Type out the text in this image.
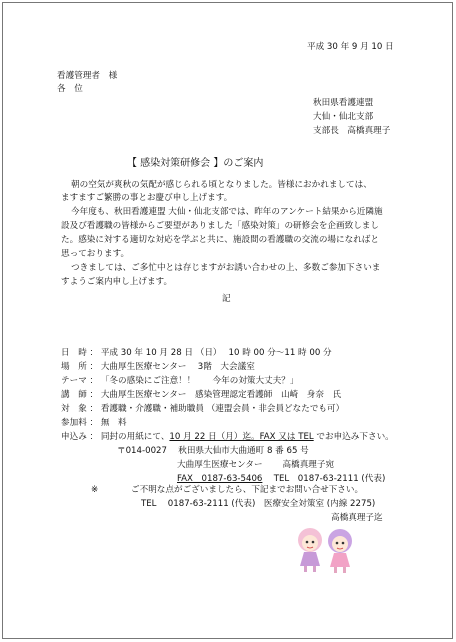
平成 30 年 9 月 10 日
看護管理者　様
各　位
秋田県看護連盟
大仙・仙北支部
支部長　高橋真理子
【 感染対策研修会 】のご案内
朝の空気が爽秋の気配が感じられる頃となりました。皆様におかれましては、
ますますご繁勝の事とお慶び申し上げます。
今年度も、秋田看護連盟 大仙・仙北支部では、昨年のアンケート結果から近隣施
設及び看護職の皆様からご要望がありました「感染対策」の研修会を企画致しまし
た。感染に対する適切な対応を学ぶと共に、施設間の看護職の交流の場になればと
思っております。
つきましては、ご多忙中とは存じますがお誘い合わせの上、多数ご参加下さいま
すようご案内申し上げます。
記
日　時 ： 平成 30 年 10 月 28 日 （日）　 10 時 00 分～11 時 00 分
場　所 ： 大曲厚生医療センター　 3階　大会議室
テーマ ： 「冬の感染にご注意！！　　今年の対策大丈夫？」
講　師 ： 大曲厚生医療センター　感染管理認定看護師　山崎　身奈　氏
対　象 ： 看護職・介護職・補助職員 （連盟会員・非会員どなたでも可）
参加料 ： 無　料
申込み ： 同封の用紙にて、10 月 22 日（月）迄。FAX 又は TEL でお申込み下さい。
〒014-0027　 秋田県大仙市大曲通町 8 番 65 号
大曲厚生医療センター　　 高橋真理子宛
FAX　0187-63-5406　 TEL　0187-63-2111 (代表)
※	ご不明な点がございましたら、下記までお問い合せ下さい。
TEL　 0187-63-2111 (代表)　医療安全対策室 (内線 2275)
高橋真理子迄
